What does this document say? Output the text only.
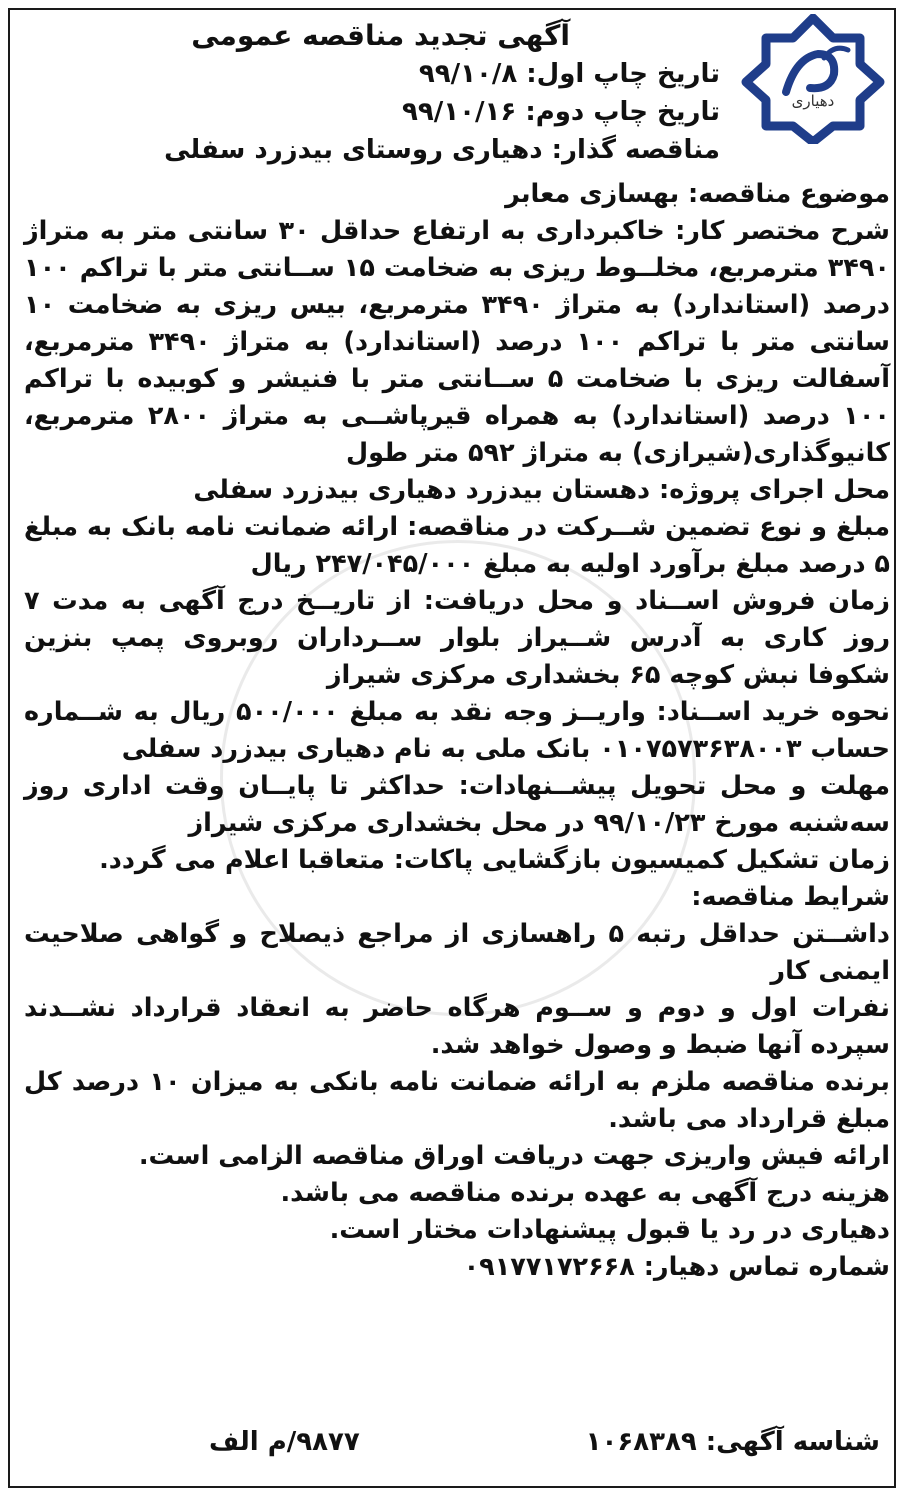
دهیاری
آگهی تجدید مناقصه عمومی
تاریخ چاپ اول: ۹۹/۱۰/۸
تاریخ چاپ دوم: ۹۹/۱۰/۱۶
مناقصه گذار: دهیاری روستای بیدزرد سفلی

موضوع مناقصه: بهسازی معابر

شرح مختصر کار: خاکبرداری به ارتفاع حداقل ۳۰ سانتی متر به متراژ ۳۴۹۰ مترمربع، مخلــوط ریزی به ضخامت ۱۵ ســانتی متر با تراکم ۱۰۰ درصد (استاندارد) به متراژ ۳۴۹۰ مترمربع، بیس ریزی به ضخامت ۱۰ سانتی متر با تراکم ۱۰۰ درصد (استاندارد) به متراژ ۳۴۹۰ مترمربع، آسفالت ریزی با ضخامت ۵ ســانتی متر با فنیشر و کوبیده با تراکم ۱۰۰ درصد (استاندارد) به همراه قیرپاشــی به متراژ ۲۸۰۰ مترمربع، کانیوگذاری(شیرازی) به متراژ ۵۹۲ متر طول

محل اجرای پروژه: دهستان بیدزرد دهیاری بیدزرد سفلی

مبلغ و نوع تضمین شــرکت در مناقصه: ارائه ضمانت نامه بانک به مبلغ ۵ درصد مبلغ برآورد اولیه به مبلغ ۲۴۷/۰۴۵/۰۰۰ ریال

زمان فروش اســناد و محل دریافت: از تاریــخ درج آگهی به مدت ۷ روز کاری به آدرس شــیراز بلوار ســرداران روبروی پمپ بنزین شکوفا نبش کوچه ۶۵ بخشداری مرکزی شیراز

نحوه خرید اســناد: واریــز وجه نقد به مبلغ ۵۰۰/۰۰۰ ریال به شــماره حساب ۰۱۰۷۵۷۳۶۳۸۰۰۳ بانک ملی به نام دهیاری بیدزرد سفلی

مهلت و محل تحویل پیشــنهادات: حداکثر تا پایــان وقت اداری روز سه‌شنبه مورخ ۹۹/۱۰/۲۳ در محل بخشداری مرکزی شیراز

زمان تشکیل کمیسیون بازگشایی پاکات: متعاقبا اعلام می گردد.

شرایط مناقصه:

داشــتن حداقل رتبه ۵ راهسازی از مراجع ذیصلاح و گواهی صلاحیت ایمنی کار

نفرات اول و دوم و ســوم هرگاه حاضر به انعقاد قرارداد نشــدند سپرده آنها ضبط و وصول خواهد شد.

برنده مناقصه ملزم به ارائه ضمانت نامه بانکی به میزان ۱۰ درصد کل مبلغ قرارداد می باشد.

ارائه فیش واریزی جهت دریافت اوراق مناقصه الزامی است.

هزینه درج آگهی به عهده برنده مناقصه می باشد.

دهیاری در رد یا قبول پیشنهادات مختار است.

شماره تماس دهیار: ۰۹۱۷۷۱۷۲۶۶۸

شناسه آگهی: ۱۰۶۸۳۸۹
۹۸۷۷/م الف
